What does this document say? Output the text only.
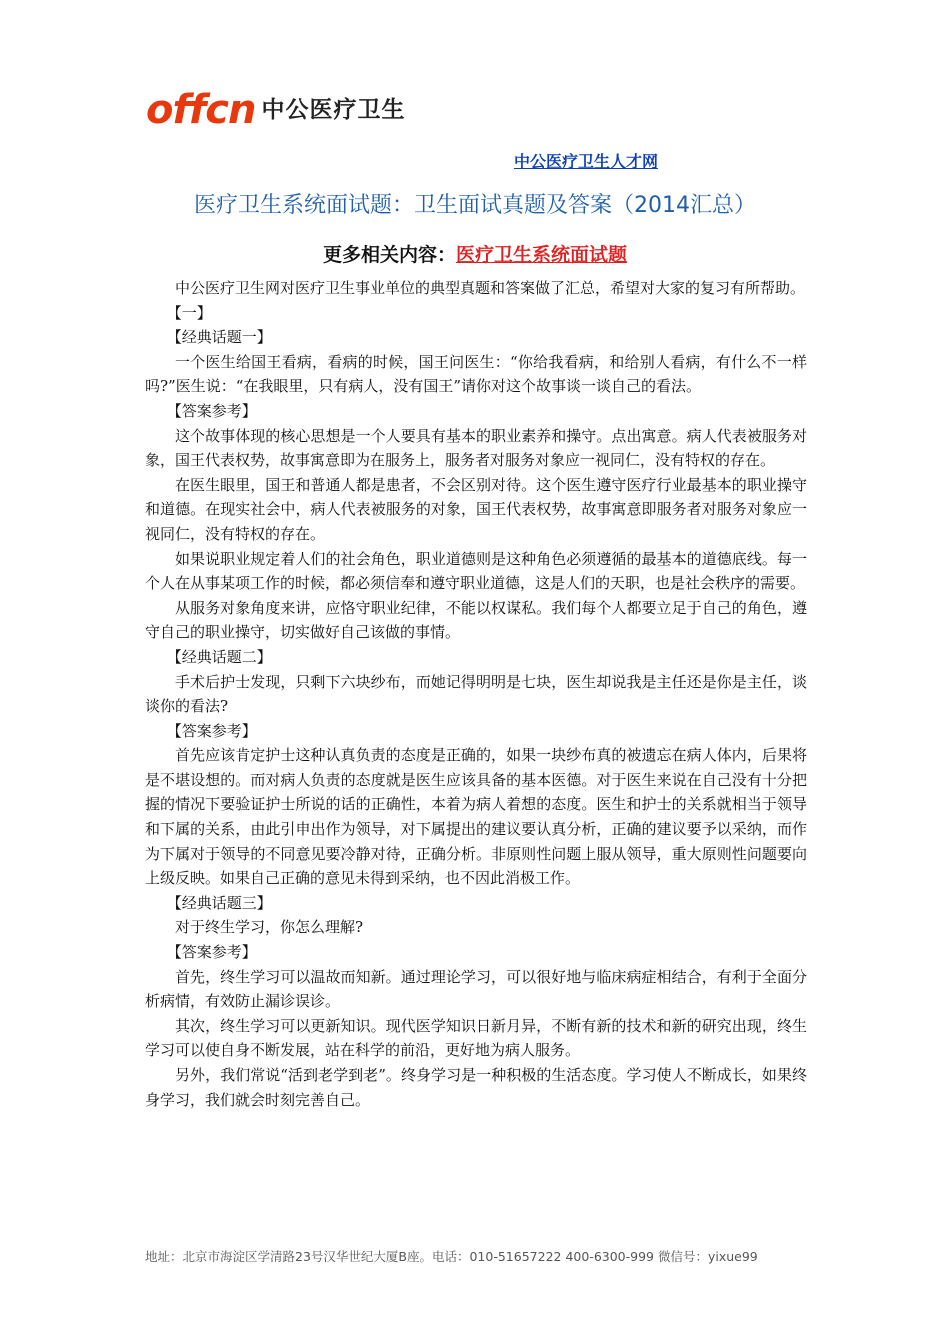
offcn 中公医疗卫生
中公医疗卫生人才网
医疗卫生系统面试题：卫生面试真题及答案（2014汇总）
更多相关内容：医疗卫生系统面试题

中公医疗卫生网对医疗卫生事业单位的典型真题和答案做了汇总，希望对大家的复习有所帮助。

【一】

【经典话题一】

一个医生给国王看病，看病的时候，国王问医生：“你给我看病，和给别人看病，有什么不一样吗?”医生说：“在我眼里，只有病人，没有国王”请你对这个故事谈一谈自己的看法。

【答案参考】

这个故事体现的核心思想是一个人要具有基本的职业素养和操守。点出寓意。病人代表被服务对象，国王代表权势，故事寓意即为在服务上，服务者对服务对象应一视同仁，没有特权的存在。

在医生眼里，国王和普通人都是患者，不会区别对待。这个医生遵守医疗行业最基本的职业操守和道德。在现实社会中，病人代表被服务的对象，国王代表权势，故事寓意即服务者对服务对象应一视同仁，没有特权的存在。

如果说职业规定着人们的社会角色，职业道德则是这种角色必须遵循的最基本的道德底线。每一个人在从事某项工作的时候，都必须信奉和遵守职业道德，这是人们的天职，也是社会秩序的需要。

从服务对象角度来讲，应恪守职业纪律，不能以权谋私。我们每个人都要立足于自己的角色，遵守自己的职业操守，切实做好自己该做的事情。

【经典话题二】

手术后护士发现，只剩下六块纱布，而她记得明明是七块，医生却说我是主任还是你是主任，谈谈你的看法?

【答案参考】

首先应该肯定护士这种认真负责的态度是正确的，如果一块纱布真的被遗忘在病人体内，后果将是不堪设想的。而对病人负责的态度就是医生应该具备的基本医德。对于医生来说在自己没有十分把握的情况下要验证护士所说的话的正确性，本着为病人着想的态度。医生和护士的关系就相当于领导和下属的关系，由此引申出作为领导，对下属提出的建议要认真分析，正确的建议要予以采纳，而作为下属对于领导的不同意见要冷静对待，正确分析。非原则性问题上服从领导，重大原则性问题要向上级反映。如果自己正确的意见未得到采纳，也不因此消极工作。

【经典话题三】

对于终生学习，你怎么理解?

【答案参考】

首先，终生学习可以温故而知新。通过理论学习，可以很好地与临床病症相结合，有利于全面分析病情，有效防止漏诊误诊。

其次，终生学习可以更新知识。现代医学知识日新月异，不断有新的技术和新的研究出现，终生学习可以使自身不断发展，站在科学的前沿，更好地为病人服务。

另外，我们常说“活到老学到老”。终身学习是一种积极的生活态度。学习使人不断成长，如果终身学习，我们就会时刻完善自己。

地址：北京市海淀区学清路23号汉华世纪大厦B座。电话：010-51657222 400-6300-999 微信号：yixue99
